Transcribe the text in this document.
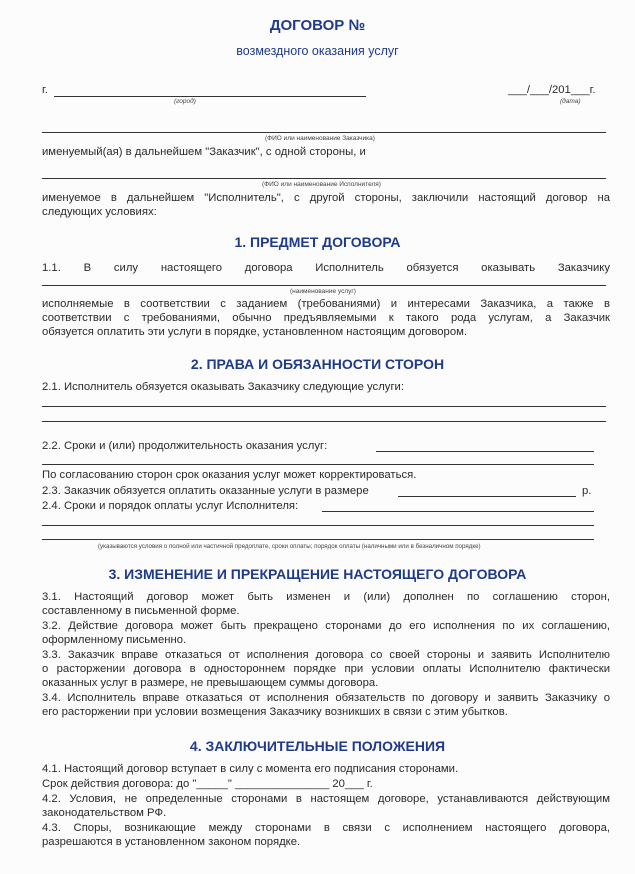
ДОГОВОР №
возмездного оказания услуг
г.
(город)
___/___/201___г.
(дата)
(ФИО или наименование Заказчика)
именуемый(ая) в дальнейшем "Заказчик", с одной стороны, и
(ФИО или наименование Исполнителя)
именуемое в дальнейшем "Исполнитель", с другой стороны, заключили настоящий договор на
следующих условиях:
1. ПРЕДМЕТ ДОГОВОРА
1.1. В силу настоящего договора Исполнитель обязуется оказывать Заказчику
(наименование услуг)
исполняемые в соответствии с заданием (требованиями) и интересами Заказчика, а также в
соответствии с требованиями, обычно предъявляемыми к такого рода услугам, а Заказчик
обязуется оплатить эти услуги в порядке, установленном настоящим договором.
2. ПРАВА И ОБЯЗАННОСТИ СТОРОН
2.1. Исполнитель обязуется оказывать Заказчику следующие услуги:
2.2. Сроки и (или) продолжительность оказания услуг:
По согласованию сторон срок оказания услуг может корректироваться.
2.3. Заказчик обязуется оплатить оказанные услуги в размере	р.
2.4. Сроки и порядок оплаты услуг Исполнителя:
(указываются условия о полной или частичной предоплате, сроки оплаты; порядок оплаты (наличными или в безналичном порядке)
3. ИЗМЕНЕНИЕ И ПРЕКРАЩЕНИЕ НАСТОЯЩЕГО ДОГОВОРА
3.1. Настоящий договор может быть изменен и (или) дополнен по соглашению сторон,
составленному в письменной форме.
3.2. Действие договора может быть прекращено сторонами до его исполнения по их соглашению,
оформленному письменно.
3.3. Заказчик вправе отказаться от исполнения договора со своей стороны и заявить Исполнителю
о расторжении договора в одностороннем порядке при условии оплаты Исполнителю фактически
оказанных услуг в размере, не превышающем суммы договора.
3.4. Исполнитель вправе отказаться от исполнения обязательств по договору и заявить Заказчику о
его расторжении при условии возмещения Заказчику возникших в связи с этим убытков.
4. ЗАКЛЮЧИТЕЛЬНЫЕ ПОЛОЖЕНИЯ
4.1. Настоящий договор вступает в силу с момента его подписания сторонами.
Срок действия договора: до "_____" _______________ 20___ г.
4.2. Условия, не определенные сторонами в настоящем договоре, устанавливаются действующим
законодательством РФ.
4.3. Споры, возникающие между сторонами в связи с исполнением настоящего договора,
разрешаются в установленном законом порядке.
